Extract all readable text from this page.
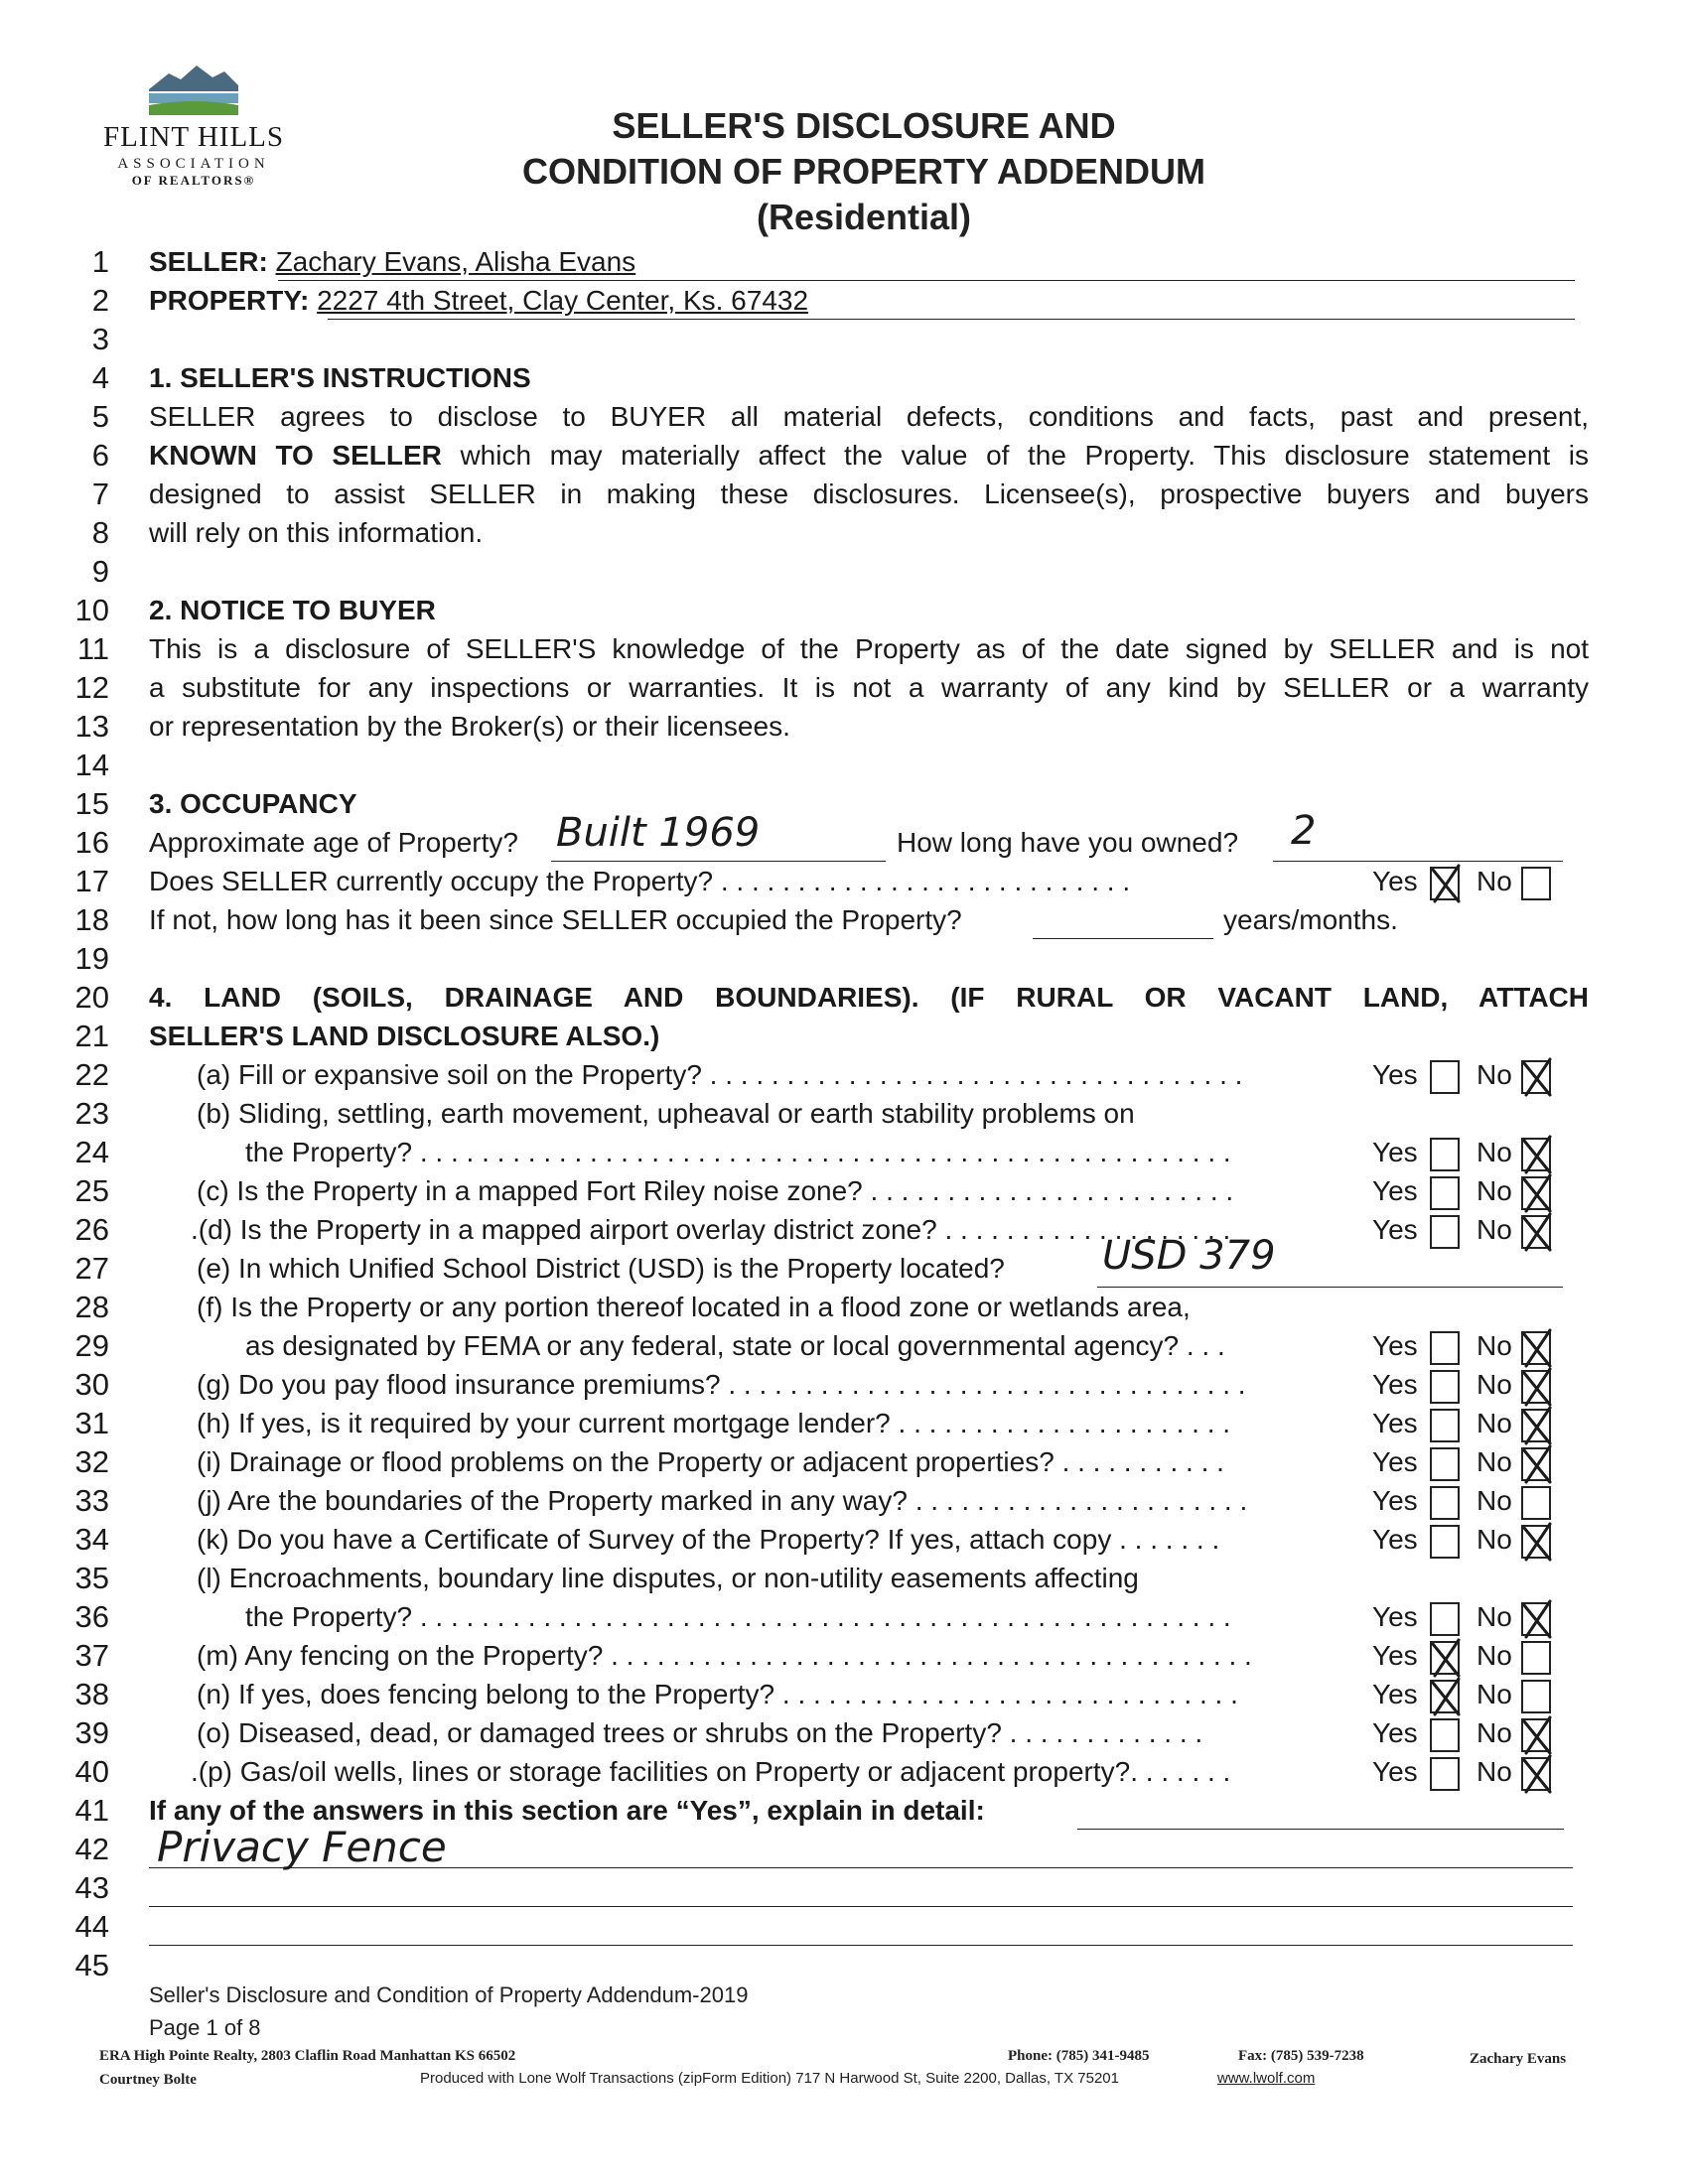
FLINT HILLS
ASSOCIATION
OF REALTORS®
SELLER'S DISCLOSURE AND
CONDITION OF PROPERTY ADDENDUM
(Residential)
1
2
3
4
5
6
7
8
9
10
11
12
13
14
15
16
17
18
19
20
21
22
23
24
25
26
27
28
29
30
31
32
33
34
35
36
37
38
39
40
41
42
43
44
45
SELLER: Zachary Evans, Alisha Evans
PROPERTY: 2227 4th Street, Clay Center, Ks. 67432
1. SELLER'S INSTRUCTIONS
SELLER agrees to disclose to BUYER all material defects, conditions and facts, past and present,
KNOWN TO SELLER which may materially affect the value of the Property. This disclosure statement is
designed to assist SELLER in making these disclosures. Licensee(s), prospective buyers and buyers
will rely on this information.
2. NOTICE TO BUYER
This is a disclosure of SELLER'S knowledge of the Property as of the date signed by SELLER and is not
a substitute for any inspections or warranties. It is not a warranty of any kind by SELLER or a warranty
or representation by the Broker(s) or their licensees.
3. OCCUPANCY
Approximate age of Property? Built 1969	How long have you owned? 2
Does SELLER currently occupy the Property? . . . . . . . . . . . . . . . . . . . . . . . . . . .	Yes No
If not, how long has it been since SELLER occupied the Property?	years/months.
4. LAND (SOILS, DRAINAGE AND BOUNDARIES). (IF RURAL OR VACANT LAND, ATTACH
SELLER'S LAND DISCLOSURE ALSO.)
(a) Fill or expansive soil on the Property? . . . . . . . . . . . . . . . . . . . . . . . . . . . . . . . . . . .	Yes No
(b) Sliding, settling, earth movement, upheaval or earth stability problems on
the Property? . . . . . . . . . . . . . . . . . . . . . . . . . . . . . . . . . . . . . . . . . . . . . . . . . . . . .	Yes No
(c) Is the Property in a mapped Fort Riley noise zone? . . . . . . . . . . . . . . . . . . . . . . . .	Yes No
.(d) Is the Property in a mapped airport overlay district zone? . . . . . . . . . . . . . . . . . . .	Yes No
(e) In which Unified School District (USD) is the Property located? USD 379
(f) Is the Property or any portion thereof located in a flood zone or wetlands area,
as designated by FEMA or any federal, state or local governmental agency? . . .	Yes No
(g) Do you pay flood insurance premiums? . . . . . . . . . . . . . . . . . . . . . . . . . . . . . . . . . .	Yes No
(h) If yes, is it required by your current mortgage lender? . . . . . . . . . . . . . . . . . . . . . .	Yes No
(i) Drainage or flood problems on the Property or adjacent properties? . . . . . . . . . . .	Yes No
(j) Are the boundaries of the Property marked in any way? . . . . . . . . . . . . . . . . . . . . . .	Yes No
(k) Do you have a Certificate of Survey of the Property? If yes, attach copy . . . . . . .	Yes No
(l) Encroachments, boundary line disputes, or non-utility easements affecting
the Property? . . . . . . . . . . . . . . . . . . . . . . . . . . . . . . . . . . . . . . . . . . . . . . . . . . . . .	Yes No
(m) Any fencing on the Property? . . . . . . . . . . . . . . . . . . . . . . . . . . . . . . . . . . . . . . . . . .	Yes No
(n) If yes, does fencing belong to the Property? . . . . . . . . . . . . . . . . . . . . . . . . . . . . . .	Yes No
(o) Diseased, dead, or damaged trees or shrubs on the Property? . . . . . . . . . . . . .	Yes No
.(p) Gas/oil wells, lines or storage facilities on Property or adjacent property?. . . . . . .	Yes No
If any of the answers in this section are “Yes”, explain in detail:
Privacy Fence
Seller's Disclosure and Condition of Property Addendum-2019
Page 1 of 8
ERA High Pointe Realty, 2803 Claflin Road Manhattan KS 66502
Courtney Bolte
Phone: (785) 341-9485	Fax: (785) 539-7238
Produced with Lone Wolf Transactions (zipForm Edition) 717 N Harwood St, Suite 2200, Dallas, TX 75201	www.lwolf.com
Zachary Evans
